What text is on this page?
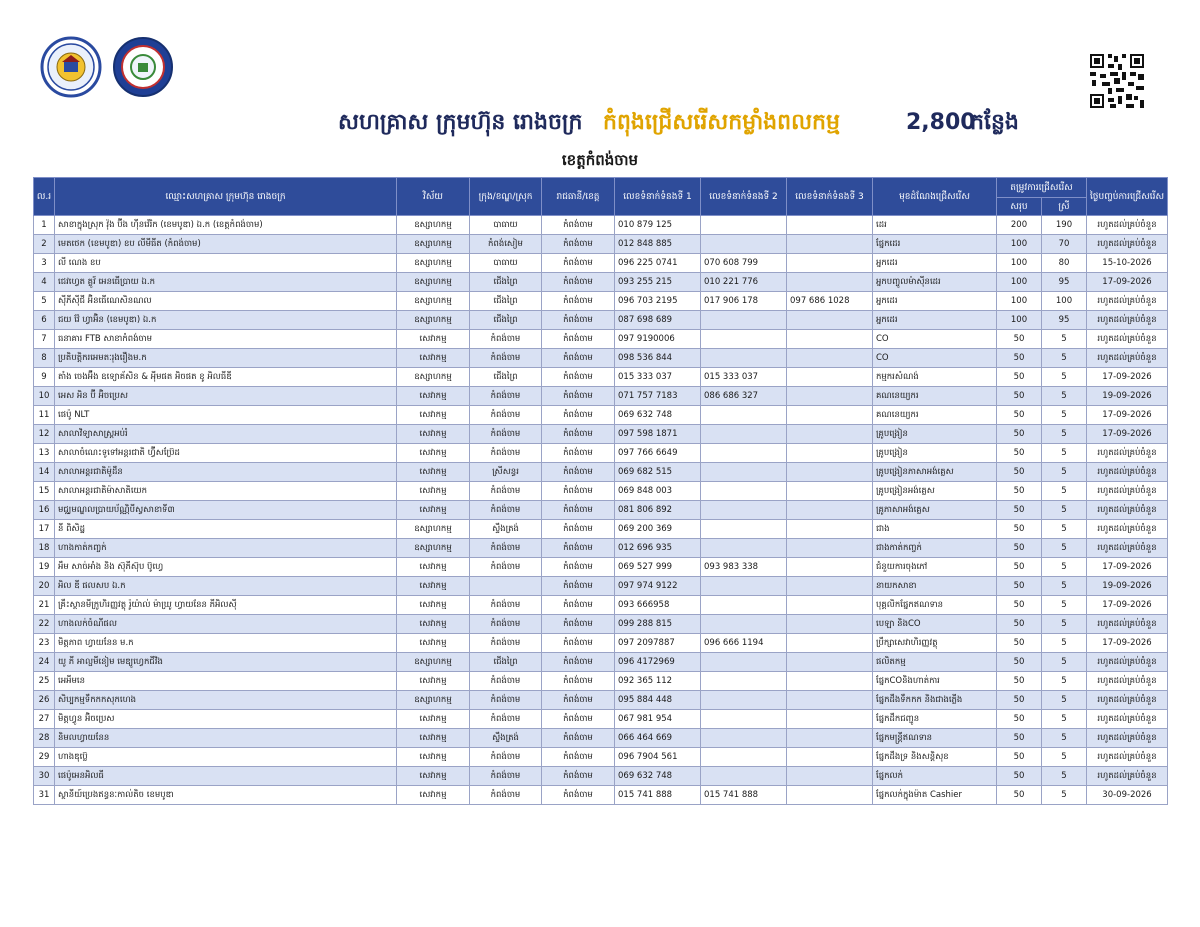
សហគ្រាស ក្រុមហ៊ុន រោងចក្រ កំពុងជ្រើសរើសកម្លាំងពលកម្ម	2,800
កន្លែង
ខេត្តកំពង់ចាម
ល.រ	ឈ្មោះសហគ្រាស ក្រុមហ៊ុន រោងចក្រ	វិស័យ	ក្រុង/ខណ្ឌ/ស្រុក	រាជធានី/ខេត្ត	លេខទំនាក់ទំនងទី 1	លេខទំនាក់ទំនងទី 2	លេខទំនាក់ទំនងទី 3	មុខដំណែងជ្រើសរើស	តម្រូវការជ្រើសរើស		ថ្ងៃបញ្ចប់ការជ្រើសរើស
									សរុប	ស្រី	
1	សាខាក្នុងស្រុក វ៉ុង ប៊ីង ហ៊ីនវ៉េរិក (ខេមបូឌា) ឯ.ក (ខេត្តកំពង់ចាម)	ឧស្សាហកម្ម	បាធាយ	កំពង់ចាម	010 879 125			ដេរ	200	190	រហូតដល់គ្រប់ចំនួន
2	មេតថេក (ខេមបូឌា) ខប លីមីធីត (កំពង់ចាម)	ឧស្សាហកម្ម	កំពង់សៀម	កំពង់ចាម	012 848 885			ផ្នែកដេរ	100	70	រហូតដល់គ្រប់ចំនួន
3	លី ណេង ខប	ឧស្សាហកម្ម	បាធាយ	កំពង់ចាម	096 225 0741	070 608 799		អ្នកដេរ	100	80	15-10-2026
4	ជេវហ្វេត គ្លូវ៍ អេនធើប្រាយ ឯ.ក	ឧស្សាហកម្ម	ជើងព្រៃ	កំពង់ចាម	093 255 215	010 221 776		អ្នកបញ្ចូលម៉ាស៊ីនដេរ	100	95	17-09-2026
5	ស៊ីភីស៊ីជី អ៊ិនធើណេសិនណល	ឧស្សាហកម្ម	ជើងព្រៃ	កំពង់ចាម	096 703 2195	017 906 178	097 686 1028	អ្នកដេរ	100	100	រហូតដល់គ្រប់ចំនួន
6	ជយ វ៉ែ ហ្វាអ៊ិន (ខេមបូឌា) ឯ.ក	ឧស្សាហកម្ម	ជើងព្រៃ	កំពង់ចាម	087 698 689			អ្នកដេរ	100	95	រហូតដល់គ្រប់ចំនួន
7	ធនាគារ FTB សាខាកំពង់ចាម	សេវាកម្ម	កំពង់ចាម	កំពង់ចាម	097 9190006			CO	50	5	រហូតដល់គ្រប់ចំនួន
8	ប្រតិបត្តិករអេមតៈរុងរឿងម.ក	សេវាកម្ម	កំពង់ចាម	កំពង់ចាម	098 536 844			CO	50	5	រហូតដល់គ្រប់ចំនួន
9	តាំង ចេងអ៊ឹង ឧទ្យោគ័សិន & អុីមផត អិចផត ខូ អិលធីឌី	ឧស្សាហកម្ម	ជើងព្រៃ	កំពង់ចាម	015 333 037	015 333 037		កម្មករសំណង់	50	5	17-09-2026
10	អេស អិន ប៊ី អ៊ិចប្រេស	សេវាកម្ម	កំពង់ចាម	កំពង់ចាម	071 757 7183	086 686 327		គណនេយ្យករ	50	5	19-09-2026
11	ផេប៉ូ NLT	សេវាកម្ម	កំពង់ចាម	កំពង់ចាម	069 632 748			គណនេយ្យករ	50	5	17-09-2026
12	សាលាវិទ្យាសាស្ត្រអប់រំ	សេវាកម្ម	កំពង់ចាម	កំពង់ចាម	097 598 1871			គ្រូបង្រៀន	50	5	17-09-2026
13	សាលាចំណេះទូទៅអន្តរជាតិ ហ្វ៊ីសប៊្រែដ	សេវាកម្ម	កំពង់ចាម	កំពង់ចាម	097 766 6649			គ្រូបង្រៀន	50	5	រហូតដល់គ្រប់ចំនួន
14	សាលាអន្តរជាតិម៉ូដឺន	សេវាកម្ម	ស្រីសន្ធរ	កំពង់ចាម	069 682 515			គ្រូបង្រៀនភាសាអង់គ្លេស	50	5	រហូតដល់គ្រប់ចំនួន
15	សាលាអន្តរជាតិម៉ាសាតិយេក	សេវាកម្ម	កំពង់ចាម	កំពង់ចាម	069 848 003			គ្រូបង្រៀនអង់គ្លេស	50	5	រហូតដល់គ្រប់ចំនួន
16	មជ្ឈមណ្ឌលប្រាយប័ណ្ណិបីស្វសាខាទី៣	សេវាកម្ម	កំពង់ចាម	កំពង់ចាម	081 806 892			គ្រូភាសាអង់គ្លេស	50	5	រហូតដល់គ្រប់ចំនួន
17	នី ពិសិដ្ឋ	ឧស្សាហកម្ម	ស្ទឹងត្រង់	កំពង់ចាម	069 200 369			ជាង	50	5	រហូតដល់គ្រប់ចំនួន
18	ហាងកាត់កញ្ចក់	ឧស្សាហកម្ម	កំពង់ចាម	កំពង់ចាម	012 696 935			ជាងកាត់កញ្ចក់	50	5	រហូតដល់គ្រប់ចំនួន
19	អឹម សាច់អាំង និង ស៊ុភីស៊ុប ប៊ូហ្វេ	សេវាកម្ម	កំពង់ចាម	កំពង់ចាម	069 527 999	093 983 338		ជំនួយការចុងភៅ	50	5	17-09-2026
20	អិល ឌី ផលសប ឯ.ក	សេវាកម្ម		កំពង់ចាម	097 974 9122			នាយកសាខា	50	5	19-09-2026
21	គ្រឹះស្ថានមីក្រូហិរញ្ញវត្ថុ រ៉ូយ៉ាល់ ម៉ាឃ្រូ ហ្វាយនែន ភីអិលស៊ី	សេវាកម្ម	កំពង់ចាម	កំពង់ចាម	093 666958			បុគ្គលិកផ្នែកឥណទាន	50	5	17-09-2026
22	ហាងលក់ចំណីផល	សេវាកម្ម	កំពង់ចាម	កំពង់ចាម	099 288 815			បេឡា និងCO	50	5	រហូតដល់គ្រប់ចំនួន
23	មិត្តភាព ហ្វាយនែន ម.ក	សេវាកម្ម	កំពង់ចាម	កំពង់ចាម	097 2097887	096 666 1194		ប្រឹក្សាសេវាហិរញ្ញវត្ថុ	50	5	17-09-2026
24	យូ ភី អាល្ផមីនៀម មេឌ្យូហ្វេកជីវិង	ឧស្សាហកម្ម	ជើងព្រៃ	កំពង់ចាម	096 4172969			ផលិតកម្ម	50	5	រហូតដល់គ្រប់ចំនួន
25	អេអីមនេ	សេវាកម្ម	កំពង់ចាម	កំពង់ចាម	092 365 112			ផ្នែកCOនិងហាត់ការ	50	5	រហូតដល់គ្រប់ចំនួន
26	សិប្បកម្មទឹកកកសុកហេង	ឧស្សាហកម្ម	កំពង់ចាម	កំពង់ចាម	095 884 448			ផ្នែកដឹងទឹកកក និងជាងភ្លើង	50	5	រហូតដល់គ្រប់ចំនួន
27	មិត្តហ្វូន អ៊ិចប្រេស	សេវាកម្ម	កំពង់ចាម	កំពង់ចាម	067 981 954			ផ្នែកដឹកជញ្ជូន	50	5	រហូតដល់គ្រប់ចំនួន
28	និមលហ្វាយនែន	សេវាកម្ម	ស្ទឹងត្រង់	កំពង់ចាម	066 464 669			ផ្នែកមន្ត្រីឥណទាន	50	5	រហូតដល់គ្រប់ចំនួន
29	ហាងឌុប៊្លេ	សេវាកម្ម	កំពង់ចាម	កំពង់ចាម	096 7904 561			ផ្នែកដឹងទ្រ និងសន្តិសុខ	50	5	រហូតដល់គ្រប់ចំនួន
30	ផេប៉ូអេនអិលធី	សេវាកម្ម	កំពង់ចាម	កំពង់ចាម	069 632 748			ផ្នែកលក់	50	5	រហូតដល់គ្រប់ចំនួន
31	ស្ថានីយ៍ប្រេងឥន្ធនៈកាល់តិច ខេមបូឌា	សេវាកម្ម	កំពង់ចាម	កំពង់ចាម	015 741 888	015 741 888		ផ្នែកលក់ក្នុងម៉ាត Cashier	50	5	30-09-2026
